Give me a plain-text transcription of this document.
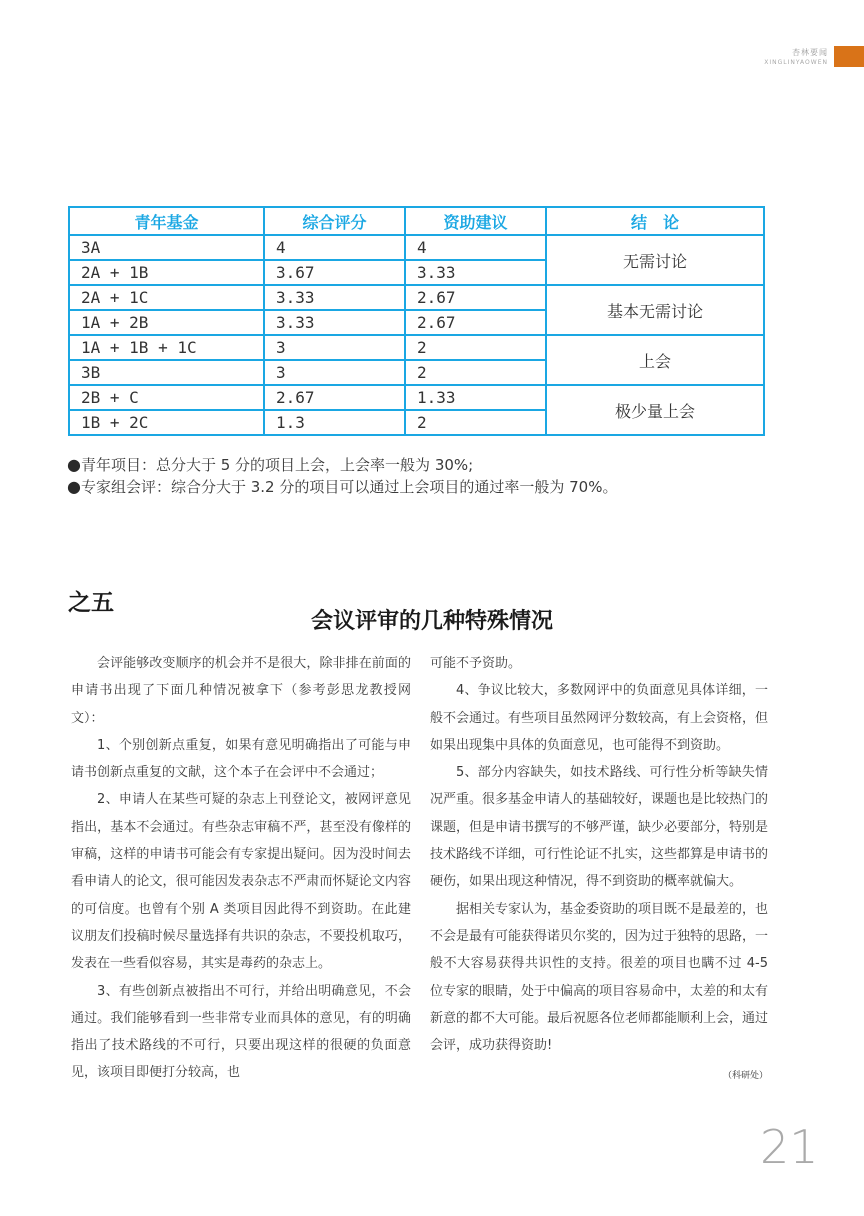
杏林要闻
XINGLINYAOWEN
青年基金	综合评分	资助建议	结　论
3A	4	4	无需讨论
2A + 1B	3.67	3.33	
2A + 1C	3.33	2.67	基本无需讨论
1A + 2B	3.33	2.67	
1A + 1B + 1C	3	2	上会
3B	3	2	
2B + C	2.67	1.33	极少量上会
1B + 2C	1.3	2	
●青年项目：总分大于 5 分的项目上会，上会率一般为 30%;
●专家组会评：综合分大于 3.2 分的项目可以通过上会项目的通过率一般为 70%。
之五
会议评审的几种特殊情况

会评能够改变顺序的机会并不是很大，除非排在前面的申请书出现了下面几种情况被拿下（参考彭思龙教授网文）：

1、个别创新点重复，如果有意见明确指出了可能与申请书创新点重复的文献，这个本子在会评中不会通过；

2、申请人在某些可疑的杂志上刊登论文，被网评意见指出，基本不会通过。有些杂志审稿不严，甚至没有像样的审稿，这样的申请书可能会有专家提出疑问。因为没时间去看申请人的论文，很可能因发表杂志不严肃而怀疑论文内容的可信度。也曾有个别 A 类项目因此得不到资助。在此建议朋友们投稿时候尽量选择有共识的杂志，不要投机取巧，发表在一些看似容易，其实是毒药的杂志上。

3、有些创新点被指出不可行，并给出明确意见，不会通过。我们能够看到一些非常专业而具体的意见，有的明确指出了技术路线的不可行，只要出现这样的很硬的负面意见，该项目即便打分较高，也

可能不予资助。

4、争议比较大，多数网评中的负面意见具体详细，一般不会通过。有些项目虽然网评分数较高，有上会资格，但如果出现集中具体的负面意见，也可能得不到资助。

5、部分内容缺失，如技术路线、可行性分析等缺失情况严重。很多基金申请人的基础较好，课题也是比较热门的课题，但是申请书撰写的不够严谨，缺少必要部分，特别是技术路线不详细，可行性论证不扎实，这些都算是申请书的硬伤，如果出现这种情况，得不到资助的概率就偏大。

据相关专家认为，基金委资助的项目既不是最差的，也不会是最有可能获得诺贝尔奖的，因为过于独特的思路，一般不大容易获得共识性的支持。很差的项目也瞒不过 4-5 位专家的眼睛，处于中偏高的项目容易命中，太差的和太有新意的都不大可能。最后祝愿各位老师都能顺利上会，通过会评，成功获得资助!

（科研处）
21
